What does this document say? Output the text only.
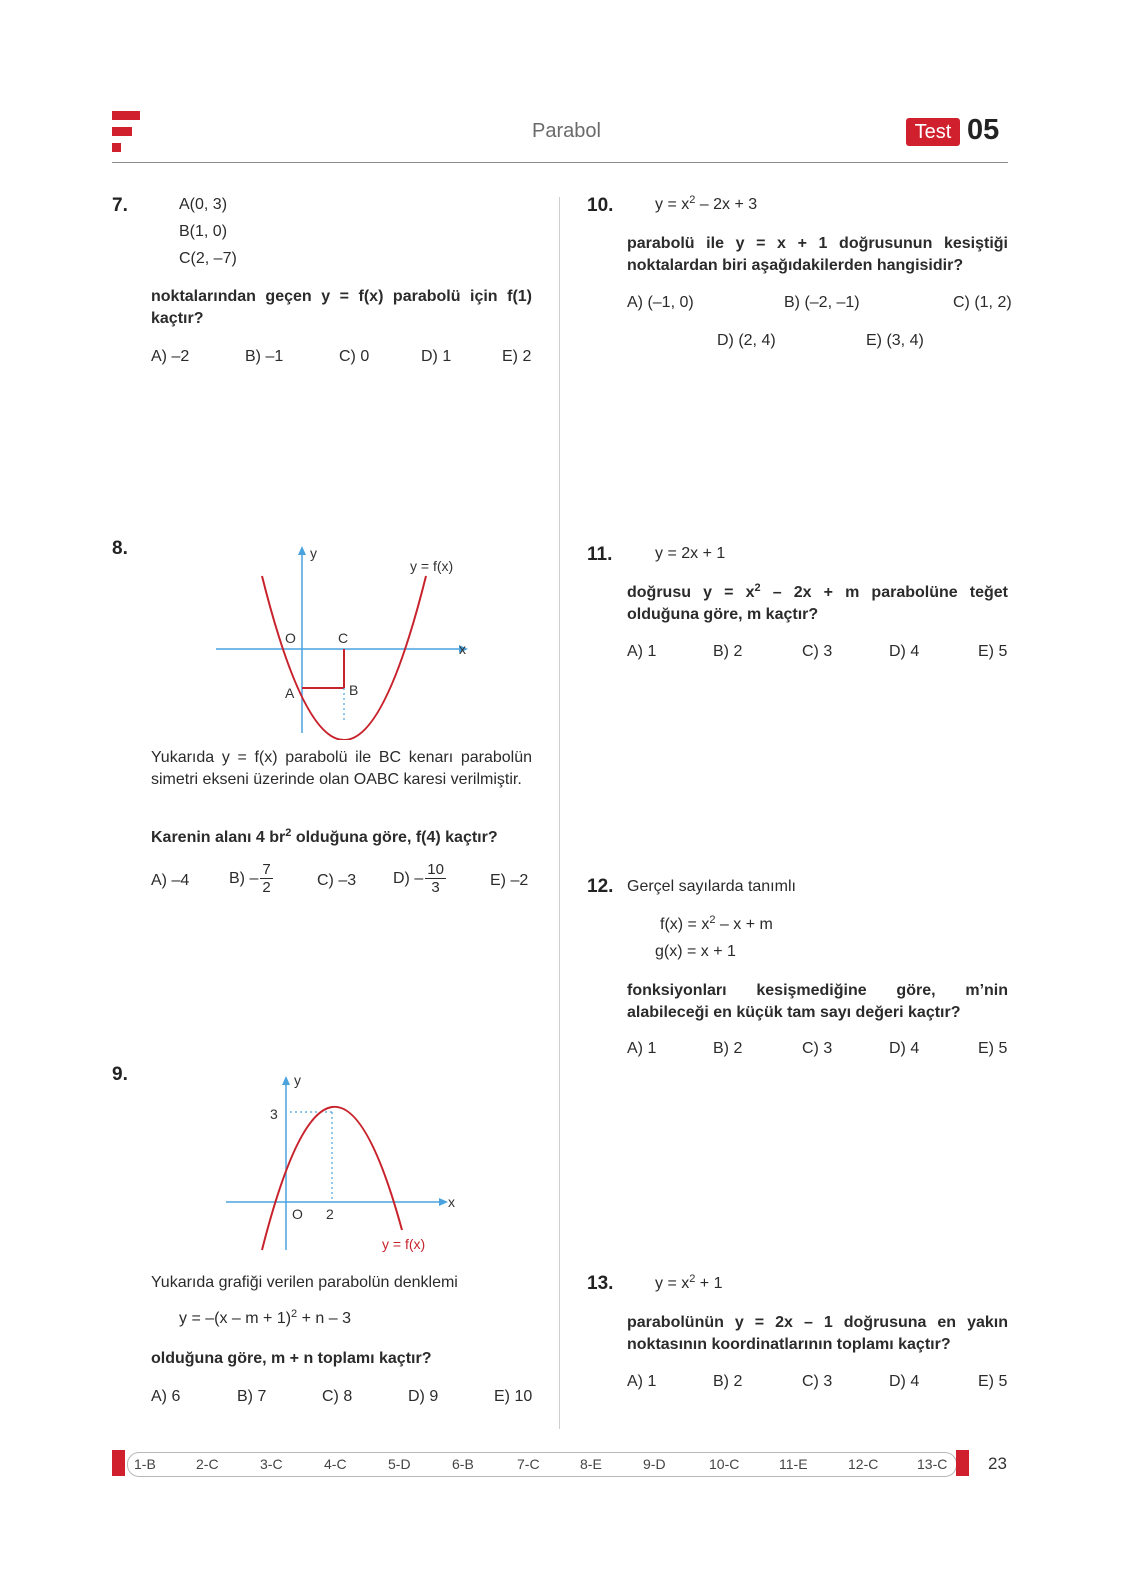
Parabol	Test 05
7.	A(0, 3)
B(1, 0)
C(2, –7)
noktalarından geçen y = f(x) parabolü için f(1) kaçtır?
A) –2	B) –1	C) 0	D) 1	E) 2
8.	y
x
y = f(x)
O	C
A	B
Yukarıda y = f(x) parabolü ile BC kenarı parabolün simetri ekseni üzerinde olan OABC karesi verilmiştir.
Karenin alanı 4 $br^2$ olduğuna göre, f(4) kaçtır?
A) –4 $B) - \frac{7}{2}$	C) –3 $D) - \frac{10}{3}$	E) –2
9.	y
x
3
2
O
y = f(x)
Yukarıda grafiği verilen parabolün denklemi
$y = -(x - m + 1)^2 + n - 3$
olduğuna göre, m + n toplamı kaçtır?
A) 6	B) 7	C) 8	D) 9	E) 10
10.	$y = x^2 - 2x + 3$
parabolü ile y = x + 1 doğrusunun kesiştiği noktalardan biri aşağıdakilerden hangisidir?
A) (–1, 0)	B) (–2, –1)	C) (1, 2)
D) (2, 4)	E) (3, 4)
11.	y = 2x + 1
doğrusu $y = x^2 - 2x + m$ parabolüne teğet olduğuna göre, m kaçtır?
A) 1	B) 2	C) 3	D) 4	E) 5
12. Gerçel sayılarda tanımlı
$f(x) = x^2 - x + m$
g(x) = x + 1
fonksiyonları kesişmediğine göre, m’nin alabileceği en küçük tam sayı değeri kaçtır?
A) 1	B) 2	C) 3	D) 4	E) 5
13.	$y = x^2 + 1$
parabolünün y = 2x – 1 doğrusuna en yakın noktasının koordinatlarının toplamı kaçtır?
A) 1	B) 2	C) 3	D) 4	E) 5
1-B	2-C	3-C	4-C	5-D	6-B	7-C	8-E	9-D	10-C	11-E	12-C	13-C 23
